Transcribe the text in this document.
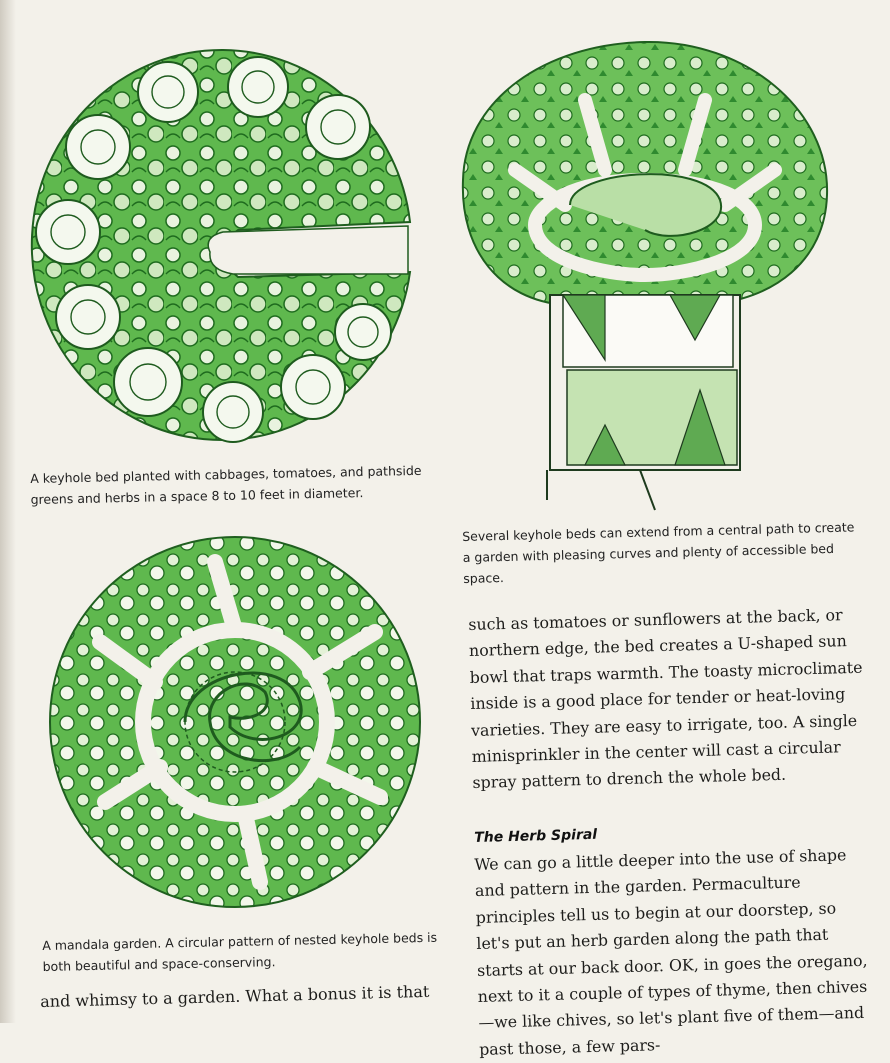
A keyhole bed planted with cabbages, tomatoes, and pathside greens and herbs in a space 8 to 10 feet in diameter.
Several keyhole beds can extend from a central path to create a garden with pleasing curves and plenty of accessible bed space.
A mandala garden. A circular pattern of nested keyhole beds is both beautiful and space-conserving.

such as tomatoes or sunflowers at the back, or northern edge, the bed creates a U-shaped sun bowl that traps warmth. The toasty microclimate inside is a good place for tender or heat-loving varieties. They are easy to irrigate, too. A single minisprinkler in the center will cast a circular spray pattern to drench the whole bed.

The Herb Spiral

We can go a little deeper into the use of shape and pattern in the garden. Permaculture principles tell us to begin at our doorstep, so let's put an herb garden along the path that starts at our back door. OK, in goes the oregano, next to it a couple of types of thyme, then chives—we like chives, so let's plant five of them—and past those, a few pars-

and whimsy to a garden. What a bonus it is that
